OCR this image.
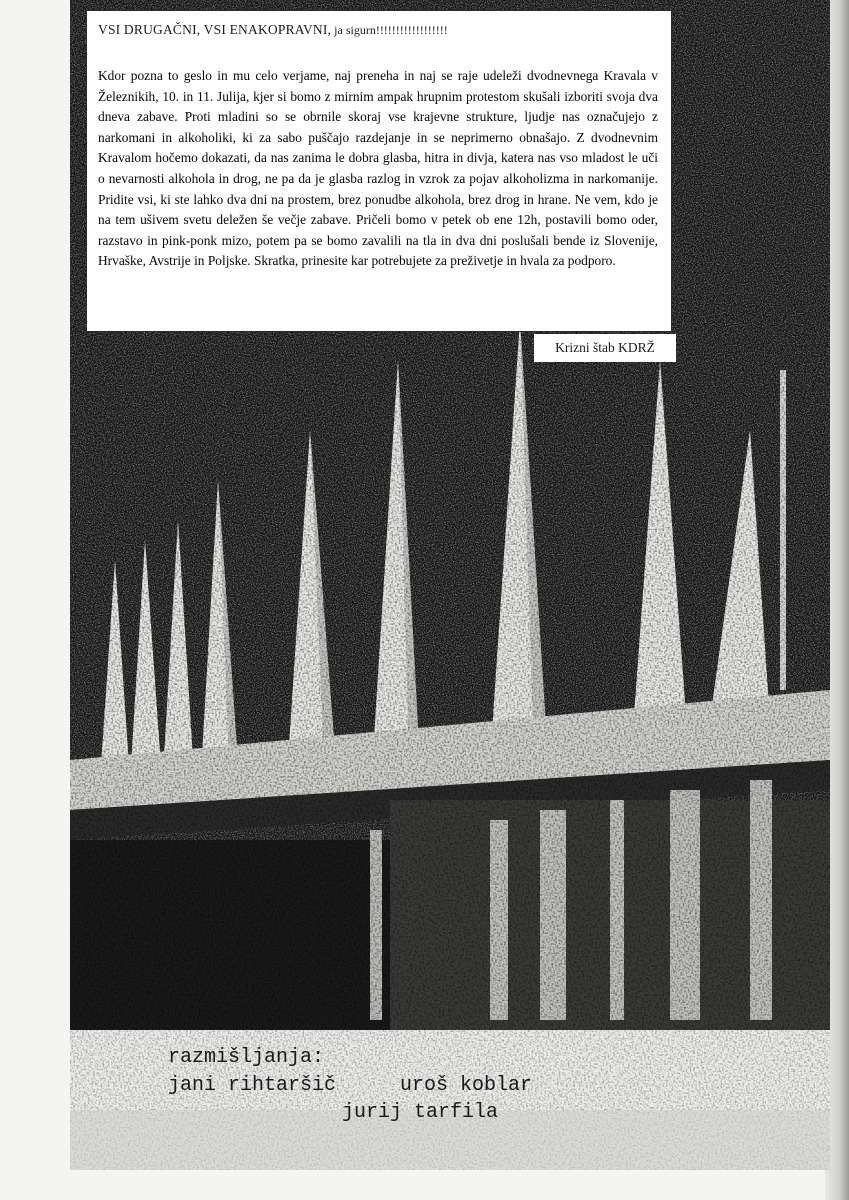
VSI DRUGAČNI, VSI ENAKOPRAVNI, ja sigurn!!!!!!!!!!!!!!!!!!

Kdor pozna to geslo in mu celo verjame, naj preneha in naj se raje udeleži dvodnevnega Kravala v Železnikih, 10. in 11. Julija, kjer si bomo z mirnim ampak hrupnim protestom skušali izboriti svoja dva dneva zabave. Proti mladini so se obrnile skoraj vse krajevne strukture, ljudje nas označujejo z narkomani in alkoholiki, ki za sabo puščajo razdejanje in se neprimerno obnašajo. Z dvodnevnim Kravalom hočemo dokazati, da nas zanima le dobra glasba, hitra in divja, katera nas vso mladost le uči o nevarnosti alkohola in drog, ne pa da je glasba razlog in vzrok za pojav alkoholizma in narkomanije. Pridite vsi, ki ste lahko dva dni na prostem, brez ponudbe alkohola, brez drog in hrane. Ne vem, kdo je na tem ušivem svetu deležen še večje zabave. Pričeli bomo v petek ob ene 12h, postavili bomo oder, razstavo in pink-ponk mizo, potem pa se bomo zavalili na tla in dva dni poslušali bende iz Slovenije, Hrvaške, Avstrije in Poljske. Skratka, prinesite kar potrebujete za preživetje in hvala za podporo.

Krizni štab KDRŽ
razmišljanja:
jani rihtaršič	uroš koblar
jurij tarfila
